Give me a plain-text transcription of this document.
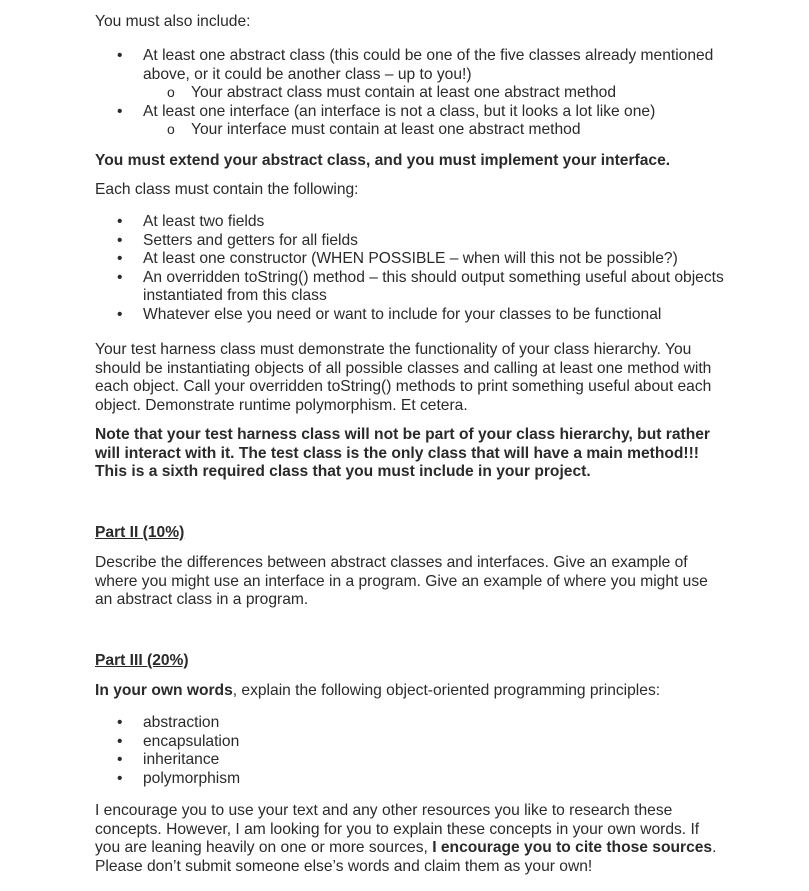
You must also include:

• At least one abstract class (this could be one of the five classes already mentioned above, or it could be another class – up to you!)
o Your abstract class must contain at least one abstract method
• At least one interface (an interface is not a class, but it looks a lot like one)
o Your interface must contain at least one abstract method

You must extend your abstract class, and you must implement your interface.

Each class must contain the following:

• At least two fields
• Setters and getters for all fields
• At least one constructor (WHEN POSSIBLE – when will this not be possible?)
• An overridden toString() method – this should output something useful about objects instantiated from this class
• Whatever else you need or want to include for your classes to be functional

Your test harness class must demonstrate the functionality of your class hierarchy. You should be instantiating objects of all possible classes and calling at least one method with each object. Call your overridden toString() methods to print something useful about each object. Demonstrate runtime polymorphism. Et cetera.

Note that your test harness class will not be part of your class hierarchy, but rather will interact with it. The test class is the only class that will have a main method!!! This is a sixth required class that you must include in your project.

Part II (10%)

Describe the differences between abstract classes and interfaces. Give an example of where you might use an interface in a program. Give an example of where you might use an abstract class in a program.

Part III (20%)

In your own words, explain the following object-oriented programming principles:

• abstraction
• encapsulation
• inheritance
• polymorphism

I encourage you to use your text and any other resources you like to research these concepts. However, I am looking for you to explain these concepts in your own words. If you are leaning heavily on one or more sources, I encourage you to cite those sources. Please don’t submit someone else’s words and claim them as your own!
